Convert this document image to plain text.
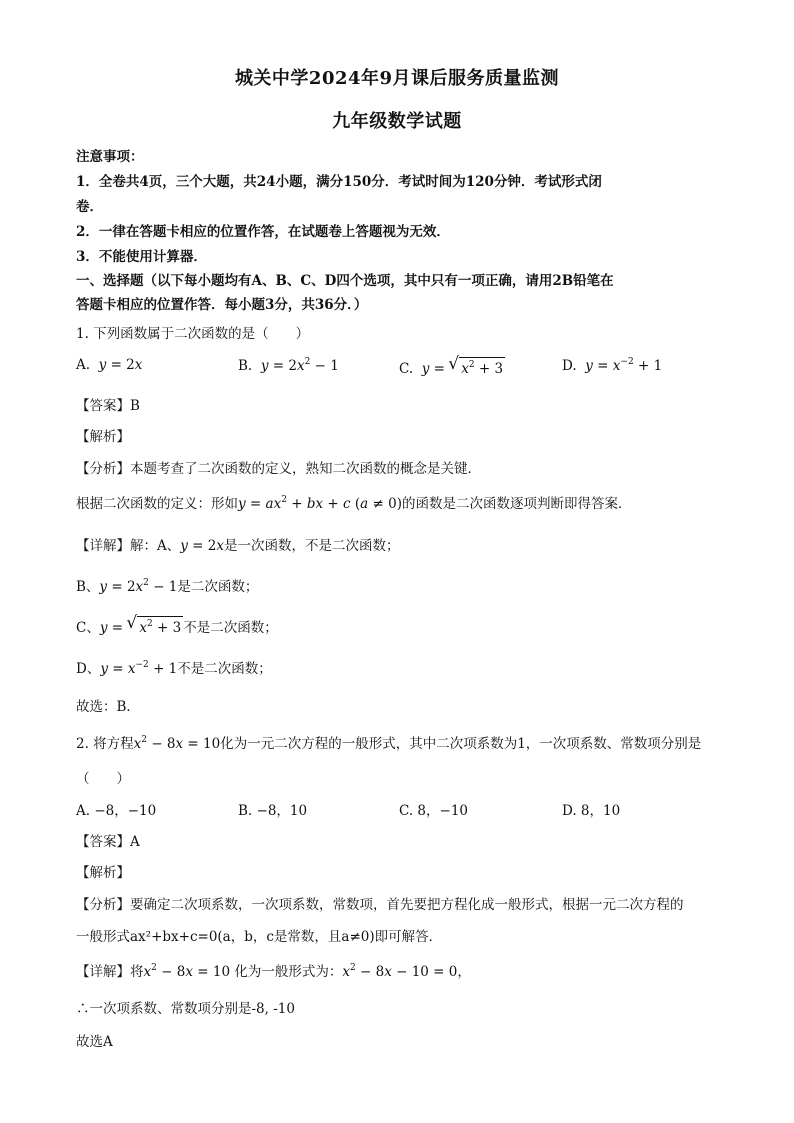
城关中学2024年9月课后服务质量监测
九年级数学试题
注意事项：
1．全卷共4页，三个大题，共24小题，满分150分．考试时间为120分钟．考试形式闭
卷．
2．一律在答题卡相应的位置作答，在试题卷上答题视为无效．
3．不能使用计算器．
一、选择题（以下每小题均有A、B、C、D四个选项，其中只有一项正确，请用2B铅笔在
答题卡相应的位置作答．每小题3分，共36分．）
1. 下列函数属于二次函数的是（　　）
A. y = 2x	B. $y = 2x^2 - 1$	C. y = √ $x^2 + 3$	D. $y = x^{-2} + 1$
【答案】B
【解析】
【分析】本题考查了二次函数的定义，熟知二次函数的概念是关键．
根据二次函数的定义：形如$y = ax^2$ + bx + c (a ≠ 0)的函数是二次函数逐项判断即得答案．
【详解】解：A、y = 2x是一次函数，不是二次函数；
B、$y = 2x^2 - 1$是二次函数；
C、y = √ $x^2 + 3$ 不是二次函数；
D、$y = x^{-2} + 1$不是二次函数；
故选：B．
2. 将方程$x^2 - 8x = 10$化为一元二次方程的一般形式，其中二次项系数为1，一次项系数、常数项分别是
（　　）
A. −8，−10	B. −8，10	C. 8，−10	D. 8，10
【答案】A
【解析】
【分析】要确定二次项系数，一次项系数，常数项，首先要把方程化成一般形式，根据一元二次方程的
一般形式ax²+bx+c=0(a，b，c是常数，且a≠0)即可解答．
【详解】将$x^2 - 8x = 10$ 化为一般形式为：$x^2 - 8x - 10 = 0$，
∴一次项系数、常数项分别是-8, -10
故选A
